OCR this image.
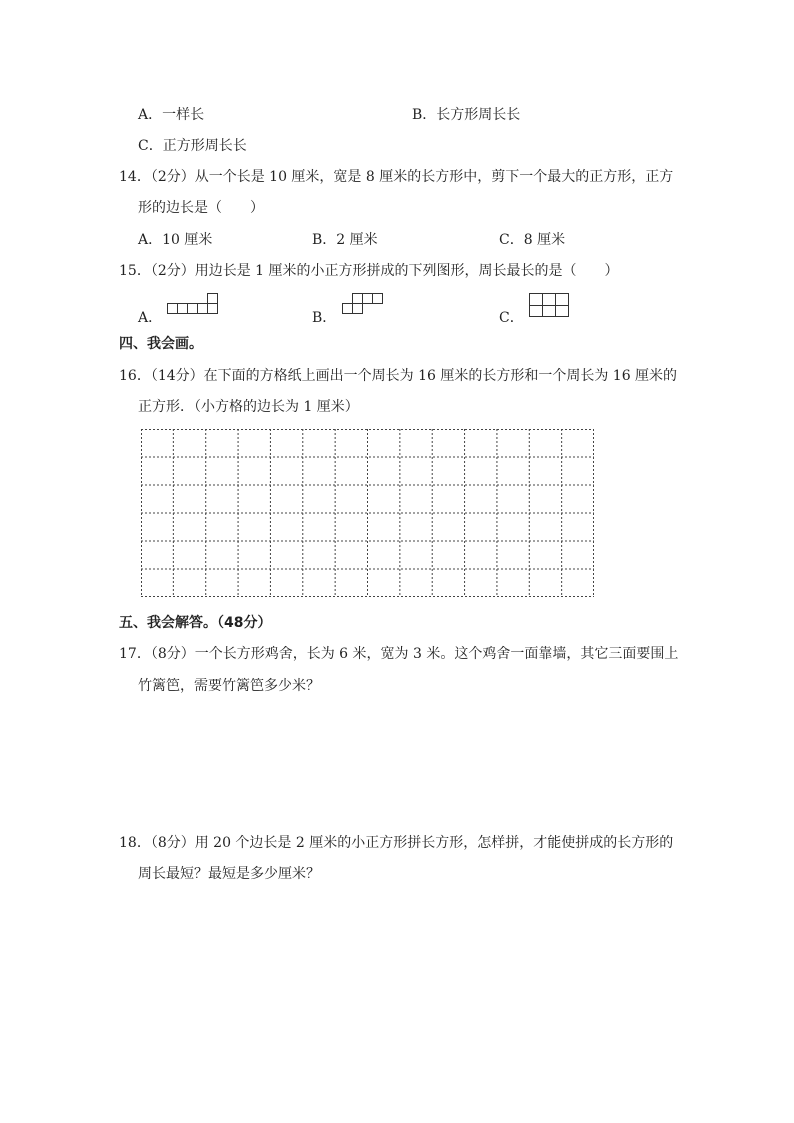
A．一样长	B．长方形周长长
C．正方形周长长
14．（2分）从一个长是 10 厘米，宽是 8 厘米的长方形中，剪下一个最大的正方形，正方
形的边长是（　　）
A．10 厘米	B．2 厘米	C．8 厘米
15．（2分）用边长是 1 厘米的小正方形拼成的下列图形，周长最长的是（　　）
A．	B．	C．
四、我会画。
16．（14分）在下面的方格纸上画出一个周长为 16 厘米的长方形和一个周长为 16 厘米的
正方形．（小方格的边长为 1 厘米）
五、我会解答。（48分）
17．（8分）一个长方形鸡舍，长为 6 米，宽为 3 米。这个鸡舍一面靠墙，其它三面要围上
竹篱笆，需要竹篱笆多少米？
18．（8分）用 20 个边长是 2 厘米的小正方形拼长方形，怎样拼，才能使拼成的长方形的
周长最短？最短是多少厘米？
